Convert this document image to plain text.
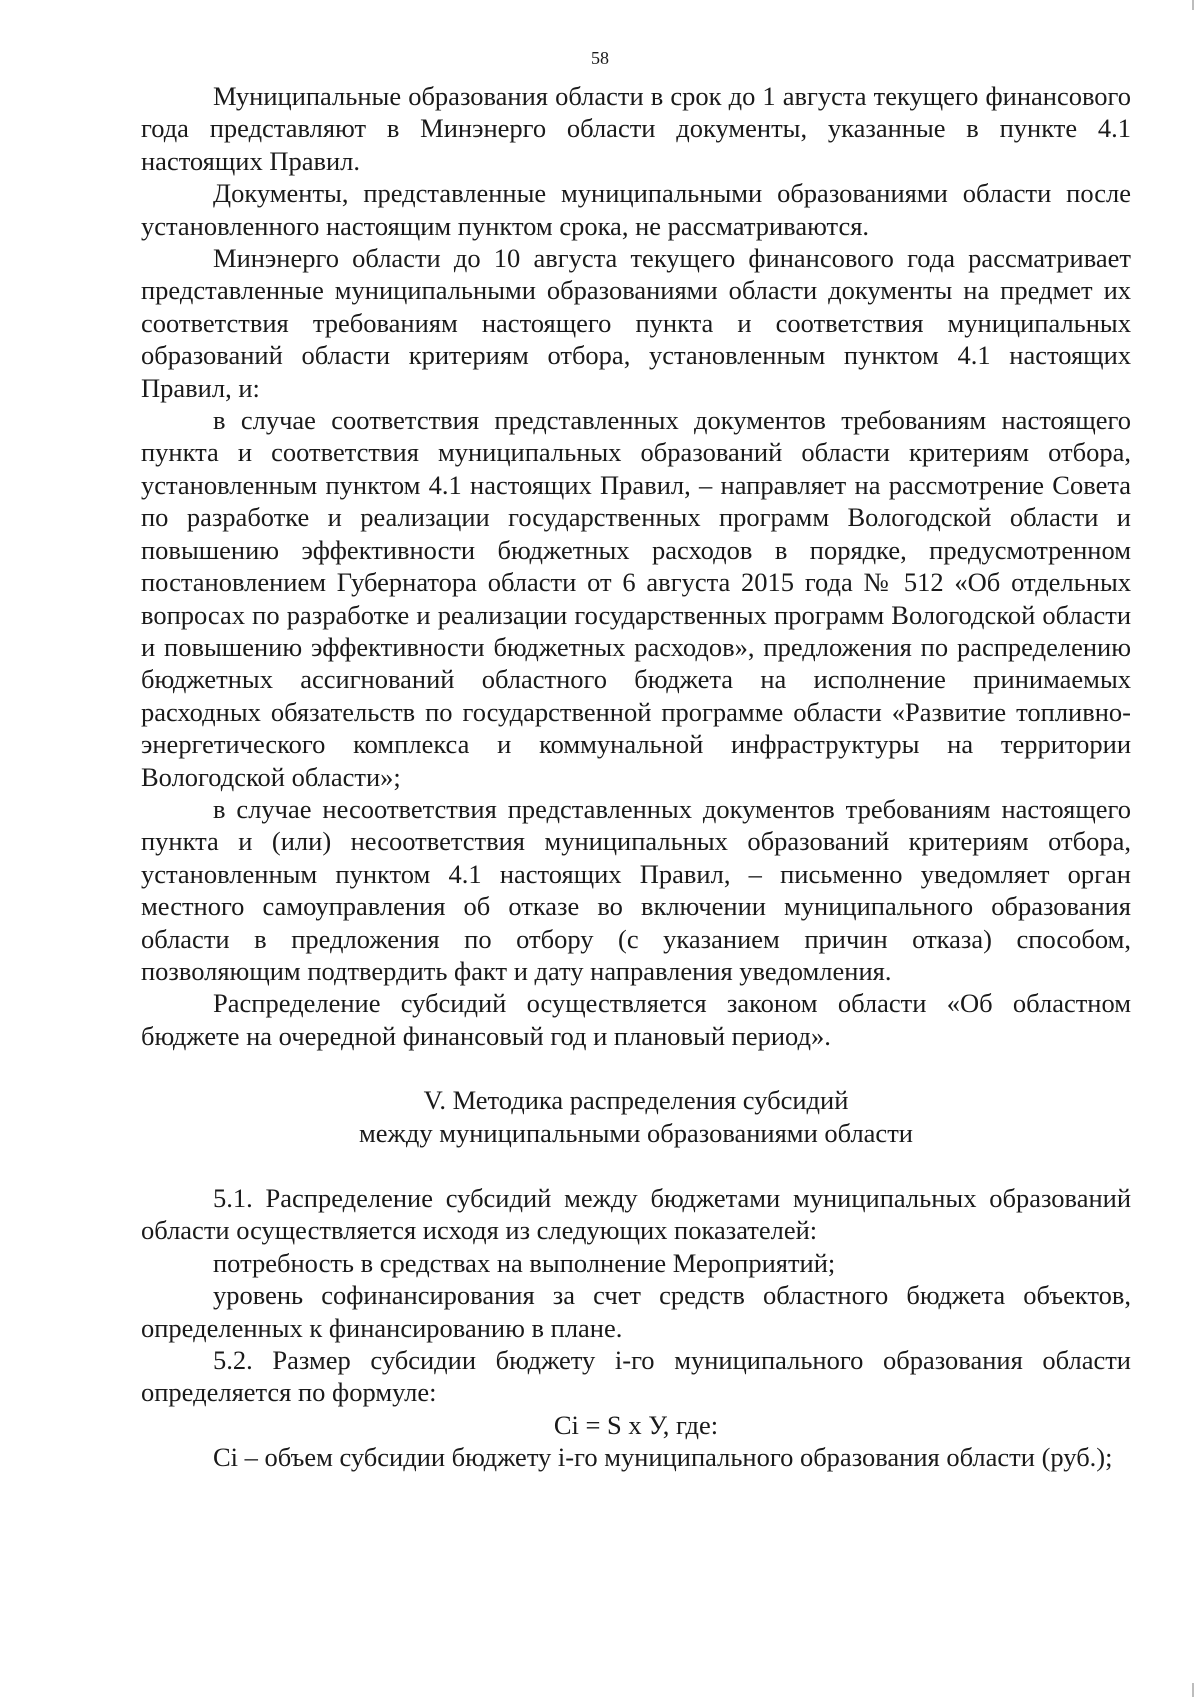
58

Муниципальные образования области в срок до 1 августа текущего финансового года представляют в Минэнерго области документы, указанные в пункте 4.1 настоящих Правил.

Документы, представленные муниципальными образованиями области после установленного настоящим пунктом срока, не рассматриваются.

Минэнерго области до 10 августа текущего финансового года рассматривает представленные муниципальными образованиями области документы на предмет их соответствия требованиям настоящего пункта и соответствия муниципальных образований области критериям отбора, установленным пунктом 4.1 настоящих Правил, и:

в случае соответствия представленных документов требованиям настоящего пункта и соответствия муниципальных образований области критериям отбора, установленным пунктом 4.1 настоящих Правил, – направляет на рассмотрение Совета по разработке и реализации государственных программ Вологодской области и повышению эффективности бюджетных расходов в порядке, предусмотренном постановлением Губернатора области от 6 августа 2015 года № 512 «Об отдельных вопросах по разработке и реализации государственных программ Вологодской области и повышению эффективности бюджетных расходов», предложения по распределению бюджетных ассигнований областного бюджета на исполнение принимаемых расходных обязательств по государственной программе области «Развитие топливно-энергетического комплекса и коммунальной инфраструктуры на территории Вологодской области»;

в случае несоответствия представленных документов требованиям настоящего пункта и (или) несоответствия муниципальных образований критериям отбора, установленным пунктом 4.1 настоящих Правил, – письменно уведомляет орган местного самоуправления об отказе во включении муниципального образования области в предложения по отбору (с указанием причин отказа) способом, позволяющим подтвердить факт и дату направления уведомления.

Распределение субсидий осуществляется законом области «Об областном бюджете на очередной финансовый год и плановый период».

V. Методика распределения субсидий
между муниципальными образованиями области

5.1. Распределение субсидий между бюджетами муниципальных образований области осуществляется исходя из следующих показателей:

потребность в средствах на выполнение Мероприятий;

уровень софинансирования за счет средств областного бюджета объектов, определенных к финансированию в плане.

5.2. Размер субсидии бюджету i-го муниципального образования области определяется по формуле:

Ci = S x У, где:

Ci – объем субсидии бюджету i-го муниципального образования области (руб.);
